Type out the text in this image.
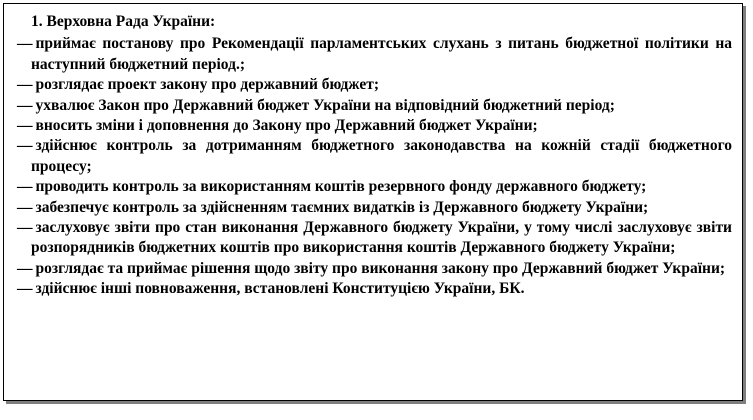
1. Верховна Рада України:
— приймає постанову про Рекомендації парламентських слухань з питань бюджетної політики на наступний бюджетний період.;
— розглядає проект закону про державний бюджет;
— ухвалює Закон про Державний бюджет України на відповідний бюджетний період;
— вносить зміни і доповнення до Закону про Державний бюджет України;
— здійснює контроль за дотриманням бюджетного законодавства на кожній стадії бюджетного процесу;
— проводить контроль за використанням коштів резервного фонду державного бюджету;
— забезпечує контроль за здійсненням таємних видатків із Державного бюджету України;
— заслуховує звіти про стан виконання Державного бюджету України, у тому числі заслуховує звіти розпорядників бюджетних коштів про використання коштів Державного бюджету України;
— розглядає та приймає рішення щодо звіту про виконання закону про Державний бюджет України;
— здійснює інші повноваження, встановлені Конституцією України, БК.
